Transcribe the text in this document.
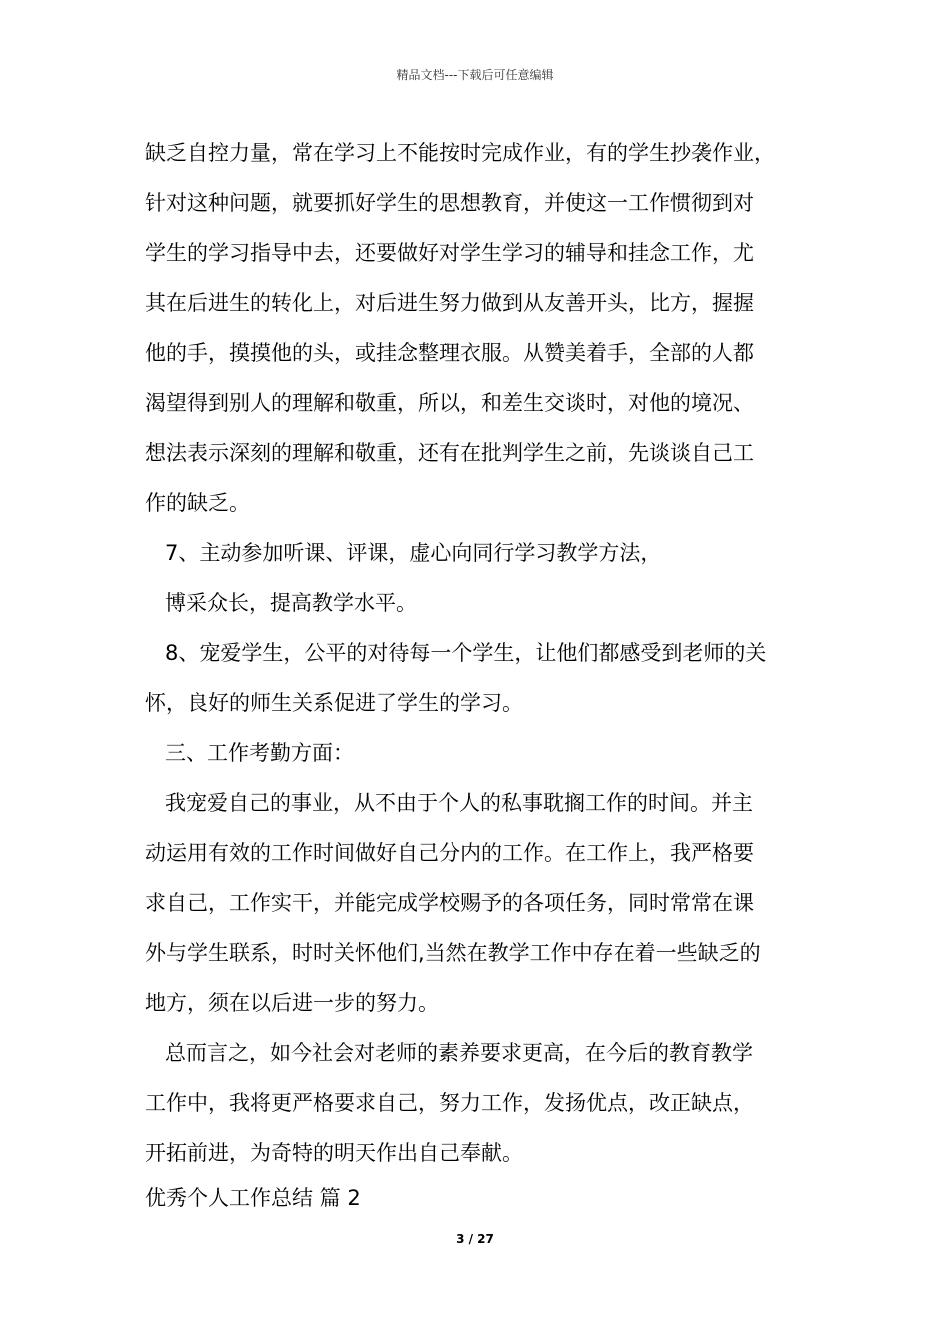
精品文档---下载后可任意编辑
缺乏自控力量，常在学习上不能按时完成作业，有的学生抄袭作业，
针对这种问题，就要抓好学生的思想教育，并使这一工作惯彻到对
学生的学习指导中去，还要做好对学生学习的辅导和挂念工作，尤
其在后进生的转化上，对后进生努力做到从友善开头，比方，握握
他的手，摸摸他的头，或挂念整理衣服。从赞美着手，全部的人都
渴望得到别人的理解和敬重，所以，和差生交谈时，对他的境况、
想法表示深刻的理解和敬重，还有在批判学生之前，先谈谈自己工
作的缺乏。
7、主动参加听课、评课，虚心向同行学习教学方法，
博采众长，提高教学水平。
8、宠爱学生，公平的对待每一个学生，让他们都感受到老师的关
怀，良好的师生关系促进了学生的学习。
三、工作考勤方面：
我宠爱自己的事业，从不由于个人的私事耽搁工作的时间。并主
动运用有效的工作时间做好自己分内的工作。在工作上，我严格要
求自己，工作实干，并能完成学校赐予的各项任务，同时常常在课
外与学生联系，时时关怀他们,当然在教学工作中存在着一些缺乏的
地方，须在以后进一步的努力。
总而言之，如今社会对老师的素养要求更高，在今后的教育教学
工作中，我将更严格要求自己，努力工作，发扬优点，改正缺点，
开拓前进，为奇特的明天作出自己奉献。
优秀个人工作总结 篇 2
3 / 27
